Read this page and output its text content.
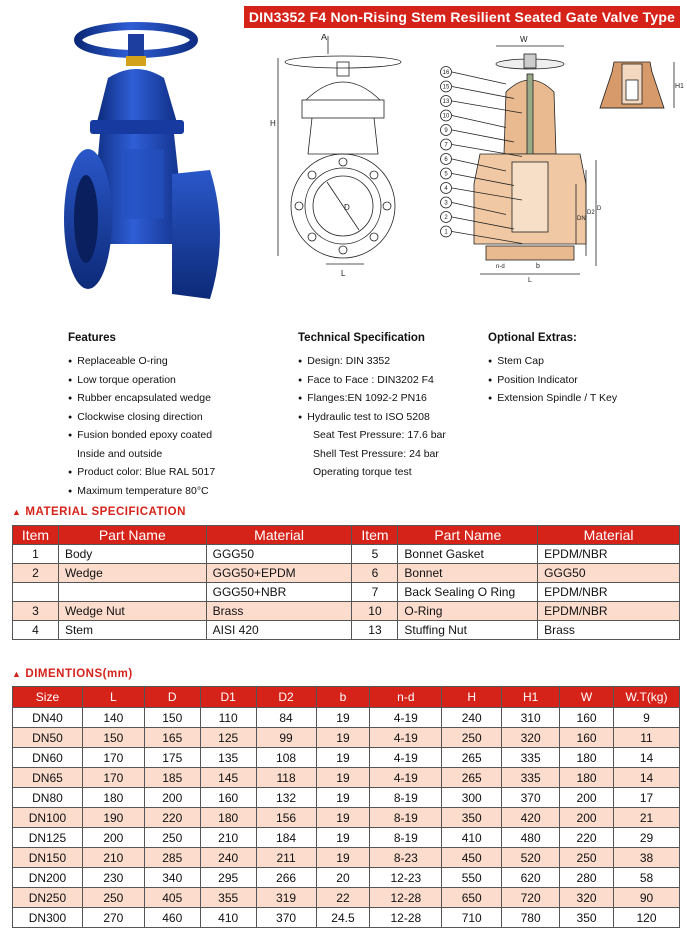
DIN3352 F4 Non-Rising Stem Resilient Seated Gate Valve Type B
A
H
D
L
W
DN
D2
D
n-d	b
L
16
15
13
10
9
7
6
5
4
3
2
1
H1
Features
● Replaceable O-ring
● Low torque operation
● Rubber encapsulated wedge
● Clockwise closing direction
● Fusion bonded epoxy coated
Inside and outside
● Product color: Blue RAL 5017
● Maximum temperature 80°C
Technical Specification
● Design: DIN 3352
● Face to Face : DIN3202 F4
● Flanges:EN 1092-2 PN16
● Hydraulic test to ISO 5208
Seat Test Pressure: 17.6 bar
Shell Test Pressure: 24 bar
Operating torque test
Optional Extras:
● Stem Cap
● Position Indicator
● Extension Spindle / T Key
▲ MATERIAL SPECIFICATION
Item	Part Name	Material	Item	Part Name	Material
1	Body	GGG50	5	Bonnet Gasket	EPDM/NBR
2	Wedge	GGG50+EPDM	6	Bonnet	GGG50
		GGG50+NBR	7	Back Sealing O Ring	EPDM/NBR
3	Wedge Nut	Brass	10	O-Ring	EPDM/NBR
4	Stem	AISI 420	13	Stuffing Nut	Brass
▲ DIMENTIONS(mm)
Size	L	D	D1	D2	b	n-d	H	H1	W	W.T(kg)
DN40	140	150	110	84	19	4-19	240	310	160	9
DN50	150	165	125	99	19	4-19	250	320	160	11
DN60	170	175	135	108	19	4-19	265	335	180	14
DN65	170	185	145	118	19	4-19	265	335	180	14
DN80	180	200	160	132	19	8-19	300	370	200	17
DN100	190	220	180	156	19	8-19	350	420	200	21
DN125	200	250	210	184	19	8-19	410	480	220	29
DN150	210	285	240	211	19	8-23	450	520	250	38
DN200	230	340	295	266	20	12-23	550	620	280	58
DN250	250	405	355	319	22	12-28	650	720	320	90
DN300	270	460	410	370	24.5	12-28	710	780	350	120
